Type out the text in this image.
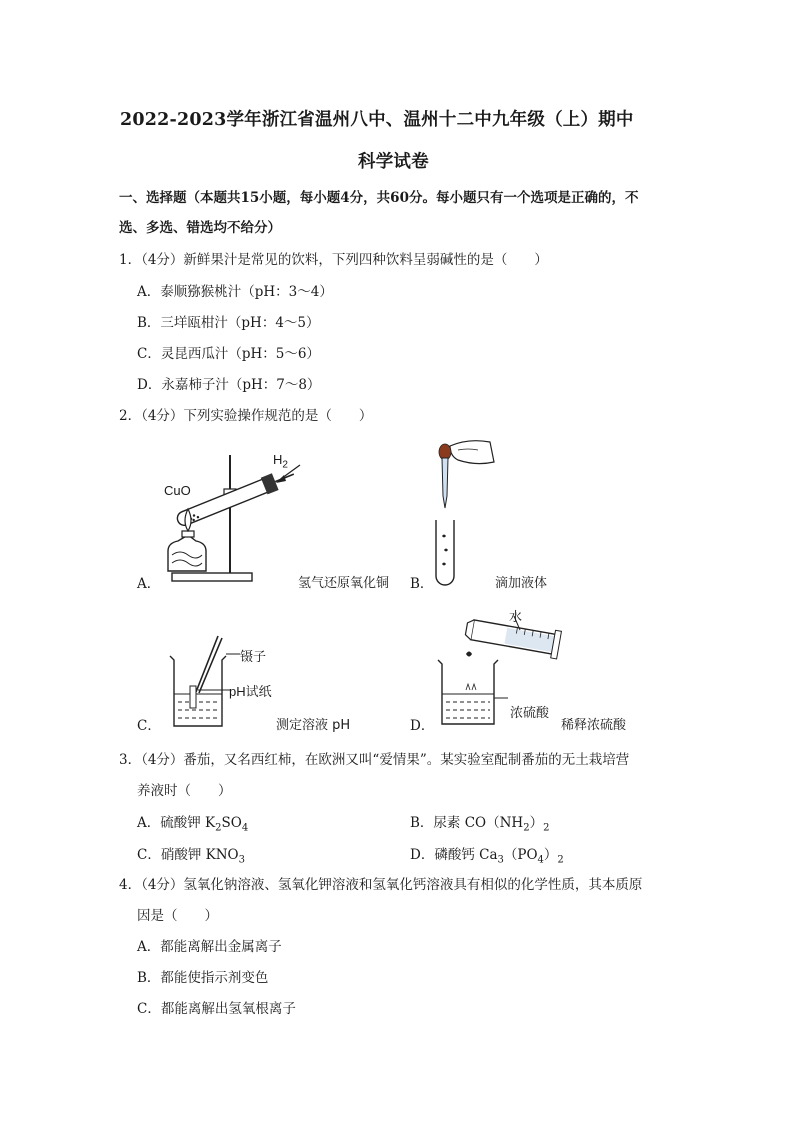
2022-2023学年浙江省温州八中、温州十二中九年级（上）期中
科学试卷
一、选择题（本题共15小题，每小题4分，共60分。每小题只有一个选项是正确的，不
选、多选、错选均不给分）
1．（4分）新鲜果汁是常见的饮料，下列四种饮料呈弱碱性的是（　　）
A．泰顺猕猴桃汁（pH：3～4）
B．三垟瓯柑汁（pH：4～5）
C．灵昆西瓜汁（pH：5～6）
D．永嘉柿子汁（pH：7～8）
2．（4分）下列实验操作规范的是（　　）
CuO
$H_2$
A．	氢气还原氧化铜 B．	滴加液体
镊子
pH试纸
C．	测定溶液 pH
水
浓硫酸
D．	稀释浓硫酸
3．（4分）番茄，又名西红柿，在欧洲又叫“爱情果”。某实验室配制番茄的无土栽培营
养液时（　　）
A．硫酸钾 $K_2SO_4$	B．尿素 $CO(NH_2)_2$
C．硝酸钾 $KNO_3$	D．磷酸钙 $Ca_3(PO_4)_2$
4．（4分）氢氧化钠溶液、氢氧化钾溶液和氢氧化钙溶液具有相似的化学性质，其本质原
因是（　　）
A．都能离解出金属离子
B．都能使指示剂变色
C．都能离解出氢氧根离子
